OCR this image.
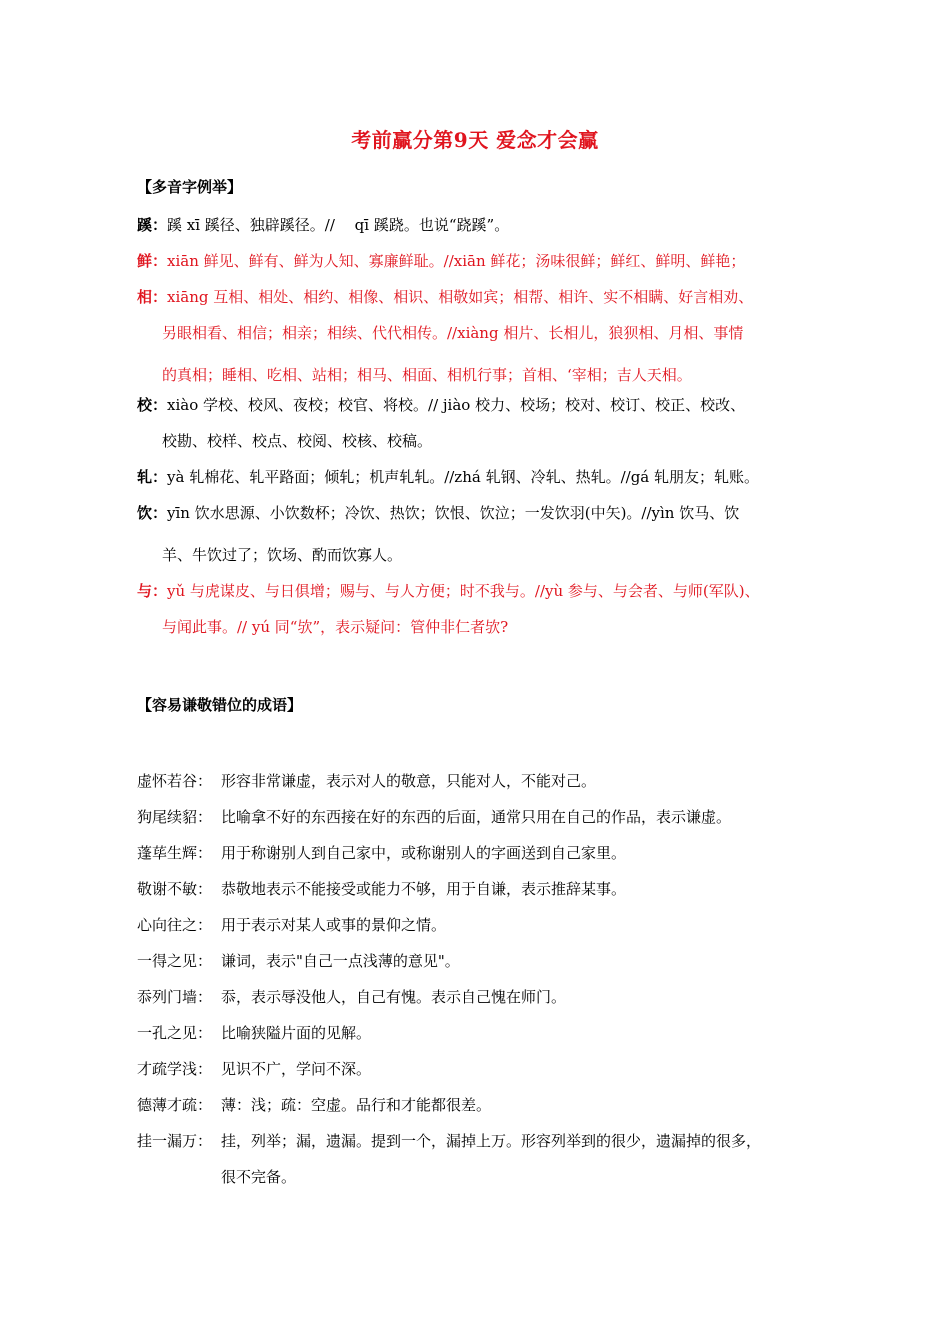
考前赢分第9天 爱念才会赢
【多音字例举】
蹊：蹊 xī 蹊径、独辟蹊径。//　 qī 蹊跷。也说“跷蹊”。
鲜：xiān 鲜见、鲜有、鲜为人知、寡廉鲜耻。//xiān 鲜花；汤味很鲜；鲜红、鲜明、鲜艳；
相：xiāng 互相、相处、相约、相像、相识、相敬如宾；相帮、相许、实不相瞒、好言相劝、
另眼相看、相信；相亲；相续、代代相传。//xiàng 相片、长相儿，狼狈相、月相、事情
的真相；睡相、吃相、站相；相马、相面、相机行事；首相、‘宰相；吉人天相。
校：xiào 学校、校风、夜校；校官、将校。// jiào 校力、校场；校对、校订、校正、校改、
校勘、校样、校点、校阅、校核、校稿。
轧：yà 轧棉花、轧平路面；倾轧；机声轧轧。//zhá 轧钢、冷轧、热轧。//gá 轧朋友；轧账。
饮：yīn 饮水思源、小饮数杯；冷饮、热饮；饮恨、饮泣；一发饮羽(中矢)。//yìn 饮马、饮
羊、牛饮过了；饮场、酌而饮寡人。
与：yǔ 与虎谋皮、与日俱增；赐与、与人方便；时不我与。//yù 参与、与会者、与师(军队)、
与闻此事。// yú 同“欤”，表示疑问：管仲非仁者欤?
【容易谦敬错位的成语】
虚怀若谷： 形容非常谦虚，表示对人的敬意，只能对人，不能对己。
狗尾续貂： 比喻拿不好的东西接在好的东西的后面，通常只用在自己的作品，表示谦虚。
蓬荜生辉： 用于称谢别人到自己家中，或称谢别人的字画送到自己家里。
敬谢不敏： 恭敬地表示不能接受或能力不够，用于自谦，表示推辞某事。
心向往之： 用于表示对某人或事的景仰之情。
一得之见： 谦词，表示"自己一点浅薄的意见"。
忝列门墙： 忝，表示辱没他人，自己有愧。表示自己愧在师门。
一孔之见： 比喻狭隘片面的见解。
才疏学浅： 见识不广，学问不深。
德薄才疏： 薄：浅；疏：空虚。品行和才能都很差。
挂一漏万： 挂，列举；漏，遗漏。提到一个，漏掉上万。形容列举到的很少，遗漏掉的很多，
很不完备。
